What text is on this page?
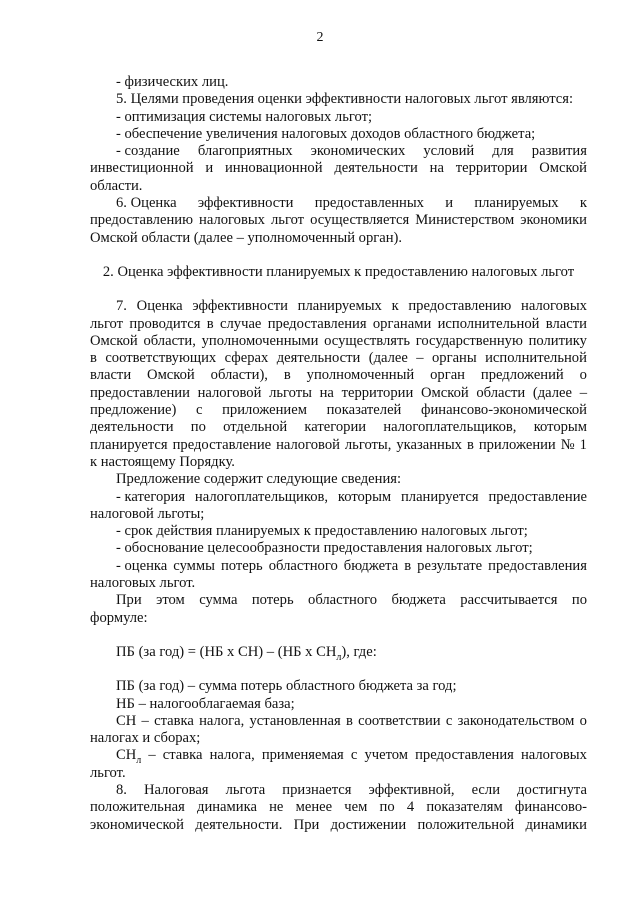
2
- физических лиц.
5. Целями проведения оценки эффективности налоговых льгот являются:
- оптимизация системы налоговых льгот;
- обеспечение увеличения налоговых доходов областного бюджета;
- создание благоприятных экономических условий для развития
инвестиционной и инновационной деятельности на территории Омской
области.
6. Оценка эффективности предоставленных и планируемых к
предоставлению налоговых льгот осуществляется Министерством экономики
Омской области (далее – уполномоченный орган).
2. Оценка эффективности планируемых к предоставлению налоговых льгот
7. Оценка эффективности планируемых к предоставлению налоговых
льгот проводится в случае предоставления органами исполнительной власти
Омской области, уполномоченными осуществлять государственную политику
в соответствующих сферах деятельности (далее – органы исполнительной
власти Омской области), в уполномоченный орган предложений о
предоставлении налоговой льготы на территории Омской области (далее –
предложение) с приложением показателей финансово-экономической
деятельности по отдельной категории налогоплательщиков, которым
планируется предоставление налоговой льготы, указанных в приложении № 1
к настоящему Порядку.
Предложение содержит следующие сведения:
- категория налогоплательщиков, которым планируется предоставление
налоговой льготы;
- срок действия планируемых к предоставлению налоговых льгот;
- обоснование целесообразности предоставления налоговых льгот;
- оценка суммы потерь областного бюджета в результате предоставления
налоговых льгот.
При этом сумма потерь областного бюджета рассчитывается по
формуле:
ПБ (за год) = (НБ х СН) – (НБ х $СН_л$), где:
ПБ (за год) – сумма потерь областного бюджета за год;
НБ – налогооблагаемая база;
СН – ставка налога, установленная в соответствии с законодательством о
налогах и сборах;
$СН_л$ – ставка налога, применяемая с учетом предоставления налоговых
льгот.
8. Налоговая льгота признается эффективной, если достигнута
положительная динамика не менее чем по 4 показателям финансово-
экономической деятельности. При достижении положительной динамики
